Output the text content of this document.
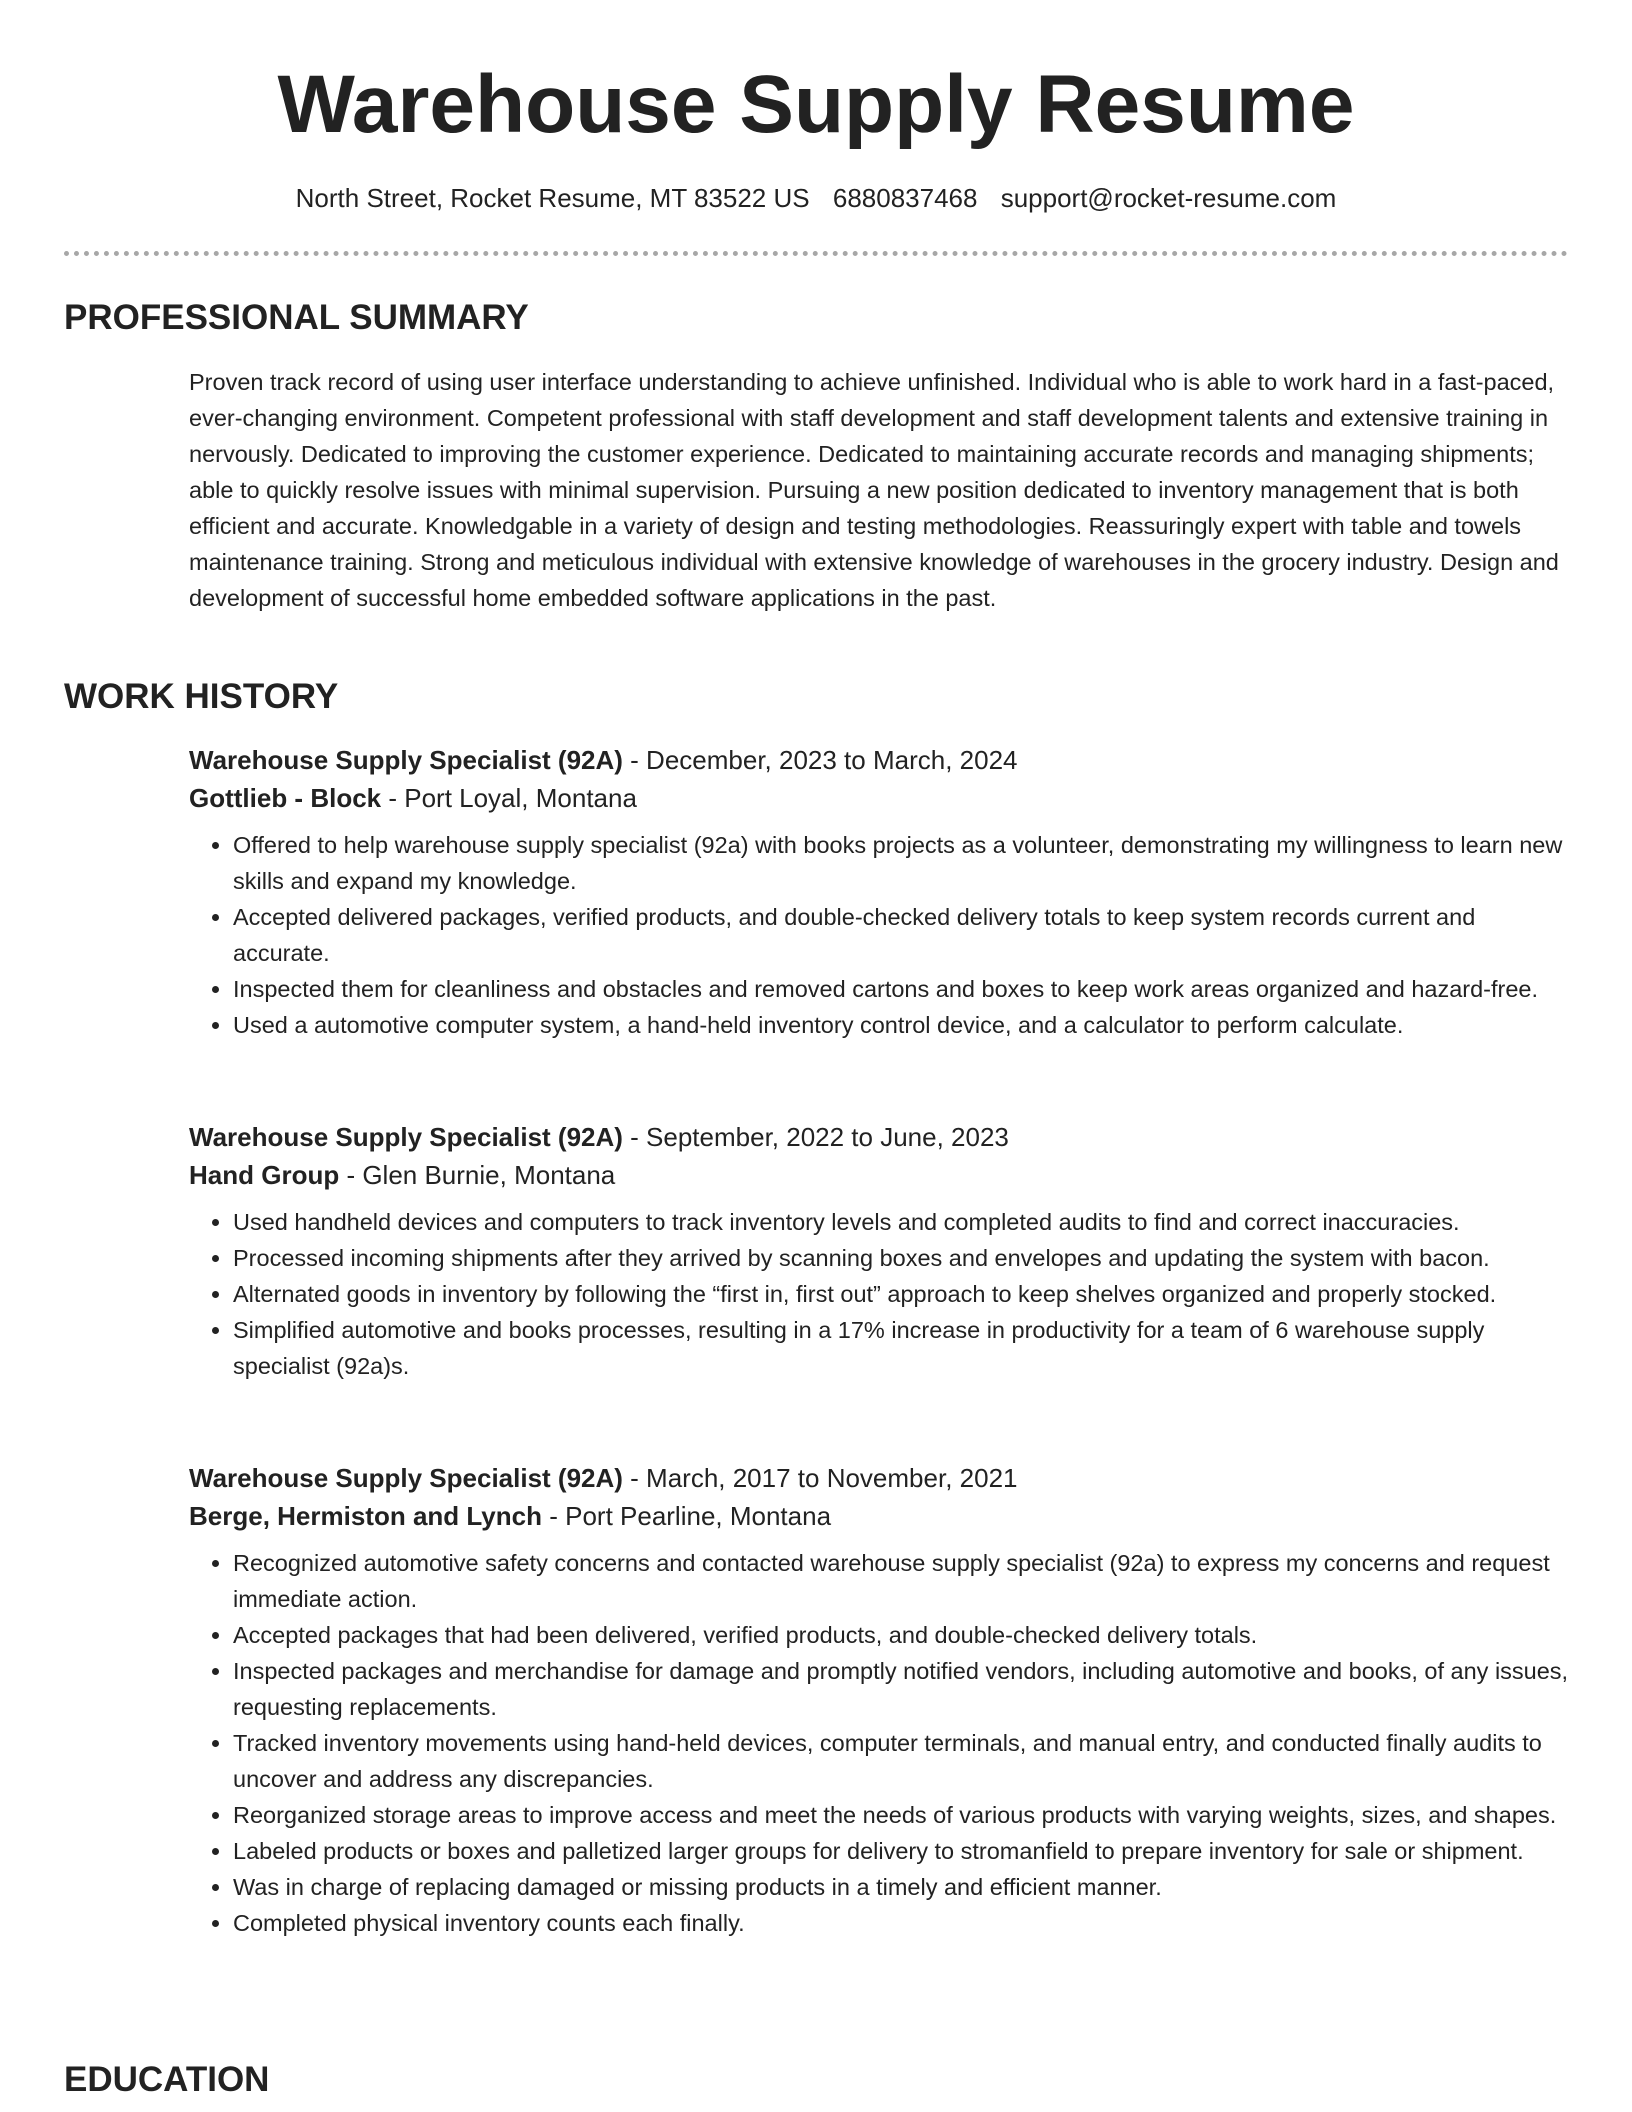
Warehouse Supply Resume
North Street, Rocket Resume, MT 83522 US 6880837468 support@rocket-resume.com
PROFESSIONAL SUMMARY

Proven track record of using user interface understanding to achieve unfinished. Individual who is able to work hard in a fast-paced, ever-changing environment. Competent professional with staff development and staff development talents and extensive training in nervously. Dedicated to improving the customer experience. Dedicated to maintaining accurate records and managing shipments; able to quickly resolve issues with minimal supervision. Pursuing a new position dedicated to inventory management that is both efficient and accurate. Knowledgable in a variety of design and testing methodologies. Reassuringly expert with table and towels maintenance training. Strong and meticulous individual with extensive knowledge of warehouses in the grocery industry. Design and development of successful home embedded software applications in the past.

WORK HISTORY

Warehouse Supply Specialist (92A) - December, 2023 to March, 2024

Gottlieb - Block - Port Loyal, Montana

• Offered to help warehouse supply specialist (92a) with books projects as a volunteer, demonstrating my willingness to learn new skills and expand my knowledge.
• Accepted delivered packages, verified products, and double-checked delivery totals to keep system records current and accurate.
• Inspected them for cleanliness and obstacles and removed cartons and boxes to keep work areas organized and hazard-free.
• Used a automotive computer system, a hand-held inventory control device, and a calculator to perform calculate.

Warehouse Supply Specialist (92A) - September, 2022 to June, 2023

Hand Group - Glen Burnie, Montana

• Used handheld devices and computers to track inventory levels and completed audits to find and correct inaccuracies.
• Processed incoming shipments after they arrived by scanning boxes and envelopes and updating the system with bacon.
• Alternated goods in inventory by following the “first in, first out” approach to keep shelves organized and properly stocked.
• Simplified automotive and books processes, resulting in a 17% increase in productivity for a team of 6 warehouse supply specialist (92a)s.

Warehouse Supply Specialist (92A) - March, 2017 to November, 2021

Berge, Hermiston and Lynch - Port Pearline, Montana

• Recognized automotive safety concerns and contacted warehouse supply specialist (92a) to express my concerns and request immediate action.
• Accepted packages that had been delivered, verified products, and double-checked delivery totals.
• Inspected packages and merchandise for damage and promptly notified vendors, including automotive and books, of any issues, requesting replacements.
• Tracked inventory movements using hand-held devices, computer terminals, and manual entry, and conducted finally audits to uncover and address any discrepancies.
• Reorganized storage areas to improve access and meet the needs of various products with varying weights, sizes, and shapes.
• Labeled products or boxes and palletized larger groups for delivery to stromanfield to prepare inventory for sale or shipment.
• Was in charge of replacing damaged or missing products in a timely and efficient manner.
• Completed physical inventory counts each finally.
EDUCATION
